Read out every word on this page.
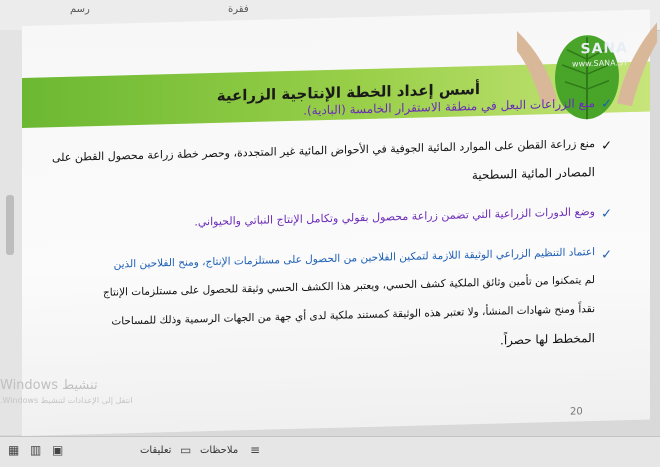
رسم	فقرة
أسس إعداد الخطة الإنتاجية الزراعية
SANA
www.SANA.SY
✓
منع الزراعات البعل في منطقة الاستقرار الخامسة (البادية).
✓
منع زراعة القطن على الموارد المائية الجوفية في الأحواض المائية غير المتجددة، وحصر خطة زراعة محصول القطن على
المصادر المائية السطحية
✓
وضع الدورات الزراعية التي تضمن زراعة محصول بقولي وتكامل الإنتاج النباتي والحيواني.
✓
اعتماد التنظيم الزراعي الوثيقة اللازمة لتمكين الفلاحين من الحصول على مستلزمات الإنتاج، ومنح الفلاحين الذين
لم يتمكنوا من تأمين وثائق الملكية كشف الحسي، ويعتبر هذا الكشف الحسي وثيقة للحصول على مستلزمات الإنتاج
نقداً ومنح شهادات المنشأ، ولا تعتبر هذه الوثيقة كمستند ملكية لدى أي جهة من الجهات الرسمية وذلك للمساحات
المخطط لها حصراً.
20
Windows تنشيط
انتقل إلى الإعدادات لتنشيط Windows.
▦ ▥ ▣	تعليقات ▭ ملاحظات ≡
